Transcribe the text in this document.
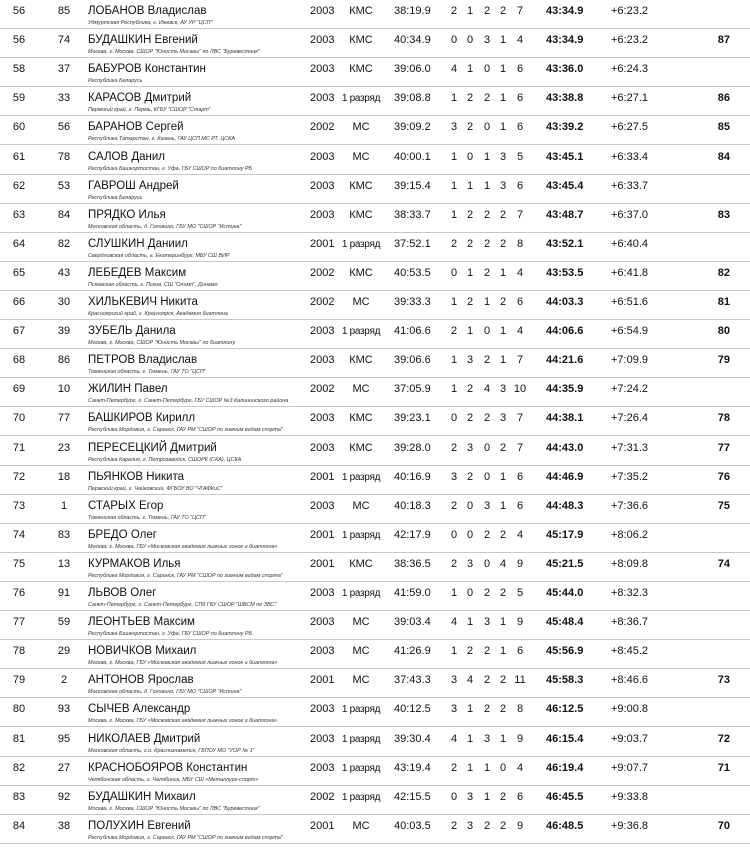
56	85	ЛОБАНОВ Владислав
Удмуртская Республика, г. Ижевск, АУ УР "ЦСП"
2003	КМС	38:19.9 2 1 2 2 7	43:34.9	+6:23.2
56	74	БУДАШКИН Евгений
Москва, г. Москва, СШОР "Юность Москвы" по ЛВС "Буревестник"
2003	КМС	40:34.9 0 0 3 1 4	43:34.9	+6:23.2	87
58	37	БАБУРОВ Константин
Республика Беларусь
2003	КМС	39:06.0 4 1 0 1 6	43:36.0	+6:24.3
59	33	КАРАСОВ Дмитрий
Пермский край, г. Пермь, КГБУ "СШОР "Старт"
2003 1 разряд	39:08.8 1 2 2 1 6	43:38.8	+6:27.1	86
60	56	БАРАНОВ Сергей
Республика Татарстан, г. Казань, ГАУ ЦСП МС РТ, ЦСКА
2002	МС	39:09.2 3 2 0 1 6	43:39.2	+6:27.5	85
61	78	САЛОВ Данил
Республика Башкортостан, г. Уфа, ГБУ СШОР по биатлону РБ
2003	МС	40:00.1 1 0 1 3 5	43:45.1	+6:33.4	84
62	53	ГАВРОШ Андрей
Республика Беларусь
2003	КМС	39:15.4 1 1 1 3 6	43:45.4	+6:33.7
63	84	ПРЯДКО Илья
Московская область, д. Головино, ГБУ МО "СШОР "Истина"
2003	КМС	38:33.7 1 2 2 2 7	43:48.7	+6:37.0	83
64	82	СЛУШКИН Даниил
Свердловская область, г. Екатеринбург, МБУ СШ ВИР
2001 1 разряд	37:52.1 2 2 2 2 8	43:52.1	+6:40.4
65	43	ЛЕБЕДЕВ Максим
Псковская область, г. Псков, СШ "Олимп", Динамо
2002	КМС	40:53.5 0 1 2 1 4	43:53.5	+6:41.8	82
66	30	ХИЛЬКЕВИЧ Никита
Красноярский край, г. Красноярск, Академия биатлона
2002	МС	39:33.3 1 2 1 2 6	44:03.3	+6:51.6	81
67	39	ЗУБЕЛЬ Данила
Москва, г. Москва, СШОР "Юность Москвы" по биатлону
2003 1 разряд	41:06.6 2 1 0 1 4	44:06.6	+6:54.9	80
68	86	ПЕТРОВ Владислав
Тюменская область, г. Тюмень, ГАУ ТО "ЦСП"
2003	КМС	39:06.6 1 3 2 1 7	44:21.6	+7:09.9	79
69	10	ЖИЛИН Павел
Санкт-Петербург, г. Санкт-Петербург, ГБУ СШОР №3 Калининского района
2002	МС	37:05.9 1 2 4 3 10 44:35.9	+7:24.2
70	77	БАШКИРОВ Кирилл
Республика Мордовия, г. Саранск, ГАУ РМ "СШОР по зимним видам спорта"
2003	КМС	39:23.1 0 2 2 3 7	44:38.1	+7:26.4	78
71	23	ПЕРЕСЕЦКИЙ Дмитрий
Республика Карелия, г. Петрозаводск, СШОРК (СКА), ЦСКА
2003	КМС	39:28.0 2 3 0 2 7	44:43.0	+7:31.3	77
72	18	ПЬЯНКОВ Никита
Пермский край, г. Чайковский, ФГБОУ ВО "ЧГАФКиС"
2001 1 разряд	40:16.9 3 2 0 1 6	44:46.9	+7:35.2	76
73	1	СТАРЫХ Егор
Тюменская область, г. Тюмень, ГАУ ТО "ЦСП"
2003	МС	40:18.3 2 0 3 1 6	44:48.3	+7:36.6	75
74	83	БРЕДО Олег
Москва, г. Москва, ГБУ «Московская академия лыжных гонок и биатлона»
2001 1 разряд	42:17.9 0 0 2 2 4	45:17.9	+8:06.2
75	13	КУРМАКОВ Илья
Республика Мордовия, г. Саранск, ГАУ РМ "СШОР по зимним видам спорта"
2001	КМС	38:36.5 2 3 0 4 9	45:21.5	+8:09.8	74
76	91	ЛЬВОВ Олег
Санкт-Петербург, г. Санкт-Петербург, СПб ГБУ СШОР "ШВСМ по ЗВС"
2003 1 разряд	41:59.0 1 0 2 2 5	45:44.0	+8:32.3
77	59	ЛЕОНТЬЕВ Максим
Республика Башкортостан, г. Уфа, ГБУ СШОР по биатлону РБ
2003	МС	39:03.4 4 1 3 1 9	45:48.4	+8:36.7
78	29	НОВИЧКОВ Михаил
Москва, г. Москва, ГБУ «Московская академия лыжных гонок и биатлона»
2003	МС	41:26.9 1 2 2 1 6	45:56.9	+8:45.2
79	2	АНТОНОВ Ярослав
Московская область, д. Головино, ГБУ МО "СШОР "Истина"
2001	МС	37:43.3 3 4 2 2 11 45:58.3	+8:46.6	73
80	93	СЫЧЕВ Александр
Москва, г. Москва, ГБУ «Московская академия лыжных гонок и биатлона»
2003 1 разряд	40:12.5 3 1 2 2 8	46:12.5	+9:00.8
81	95	НИКОЛАЕВ Дмитрий
Московская область, г.о. Краснознаменск, ГБПОУ МО "УОР № 1"
2003 1 разряд	39:30.4 4 1 3 1 9	46:15.4	+9:03.7	72
82	27	КРАСНОБОЯРОВ Константин
Челябинская область, г. Челябинск, МБУ СШ «Металлург-спорт»
2003 1 разряд	43:19.4 2 1 1 0 4	46:19.4	+9:07.7	71
83	92	БУДАШКИН Михаил
Москва, г. Москва, СШОР "Юность Москвы" по ЛВС "Буревестник"
2002 1 разряд	42:15.5 0 3 1 2 6	46:45.5	+9:33.8
84	38	ПОЛУХИН Евгений
Республика Мордовия, г. Саранск, ГАУ РМ "СШОР по зимним видам спорта"
2001	МС	40:03.5 2 3 2 2 9	46:48.5	+9:36.8	70
